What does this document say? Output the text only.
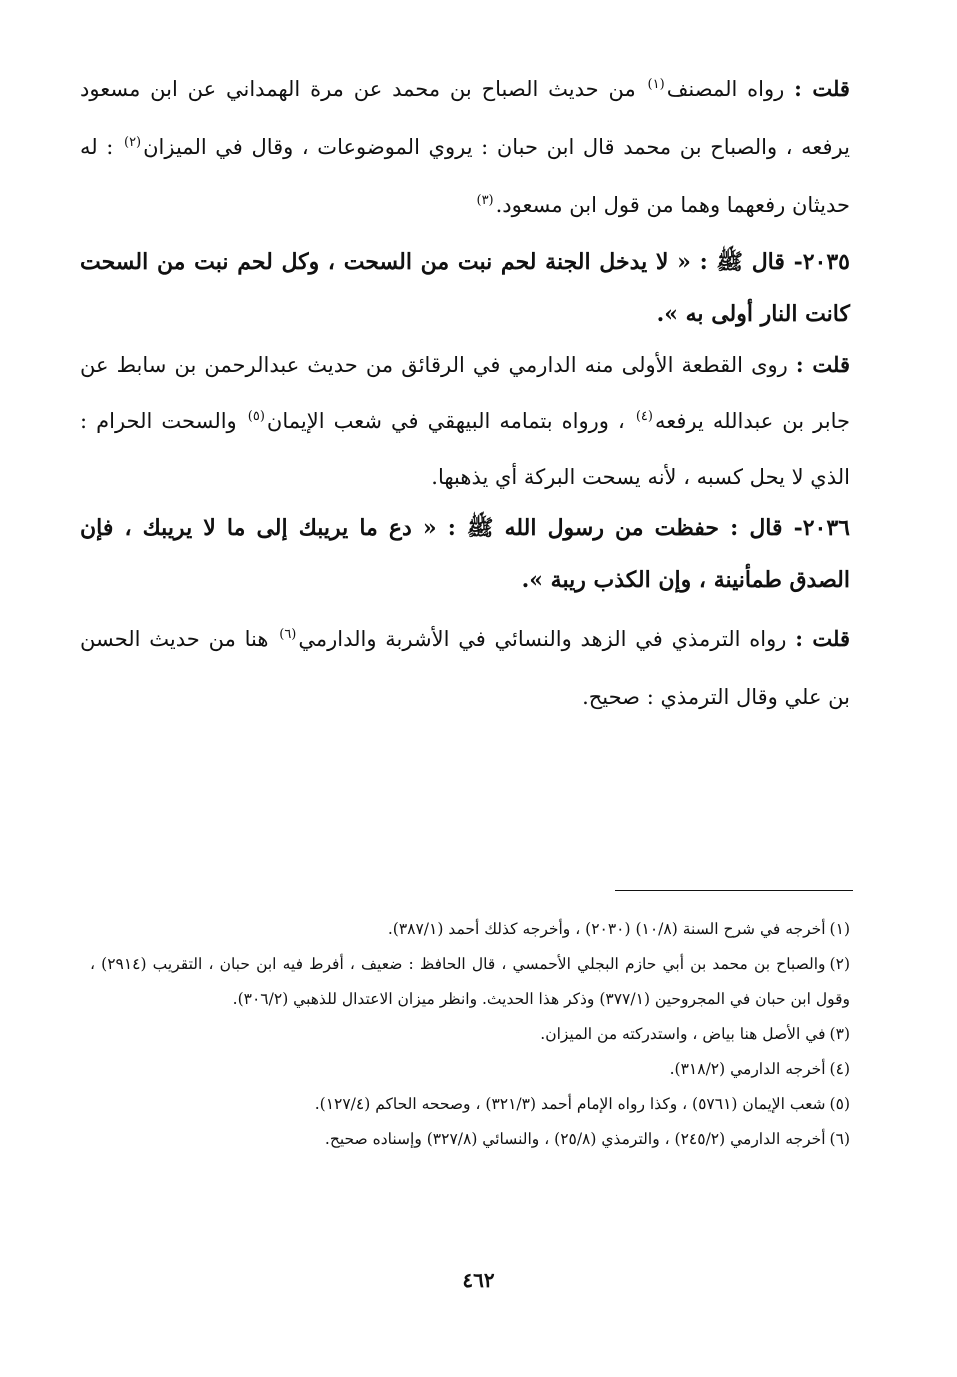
قلت : رواه المصنف$^{(١)}$ من حديث الصباح بن محمد عن مرة الهمداني عن ابن مسعود يرفعه ، والصباح بن محمد قال ابن حبان : يروي الموضوعات ، وقال في الميزان$^{(٢)}$ : له حديثان رفعهما وهما من قول ابن مسعود.$^{(٣)}$

٢٠٣٥- قال ﷺ : « لا يدخل الجنة لحم نبت من السحت ، وكل لحم نبت من السحت كانت النار أولى به ».

قلت : روى القطعة الأولى منه الدارمي في الرقائق من حديث عبدالرحمن بن سابط عن جابر بن عبدالله يرفعه$^{(٤)}$ ، ورواه بتمامه البيهقي في شعب الإيمان$^{(٥)}$ والسحت الحرام : الذي لا يحل كسبه ، لأنه يسحت البركة أي يذهبها.

٢٠٣٦- قال : حفظت من رسول الله ﷺ : « دع ما يريبك إلى ما لا يريبك ، فإن الصدق طمأنينة ، وإن الكذب ريبة ».

قلت : رواه الترمذي في الزهد والنسائي في الأشربة والدارمي$^{(٦)}$ هنا من حديث الحسن بن علي وقال الترمذي : صحيح.

(١)أخرجه في شرح السنة (١٠/٨) (٢٠٣٠) ، وأخرجه كذلك أحمد (٣٨٧/١).

(٢)والصباح بن محمد بن أبي حازم البجلي الأحمسي ، قال الحافظ : ضعيف ، أفرط فيه ابن حبان ، التقريب (٢٩١٤) ، وقول ابن حبان في المجروحين (٣٧٧/١) وذكر هذا الحديث. وانظر ميزان الاعتدال للذهبي (٣٠٦/٢).

(٣)في الأصل هنا بياض ، واستدركته من الميزان.

(٤)أخرجه الدارمي (٣١٨/٢).

(٥)شعب الإيمان (٥٧٦١) ، وكذا رواه الإمام أحمد (٣٢١/٣) ، وصححه الحاكم (١٢٧/٤).

(٦)أخرجه الدارمي (٢٤٥/٢) ، والترمذي (٢٥/٨) ، والنسائي (٣٢٧/٨) وإسناده صحيح.

٤٦٢
